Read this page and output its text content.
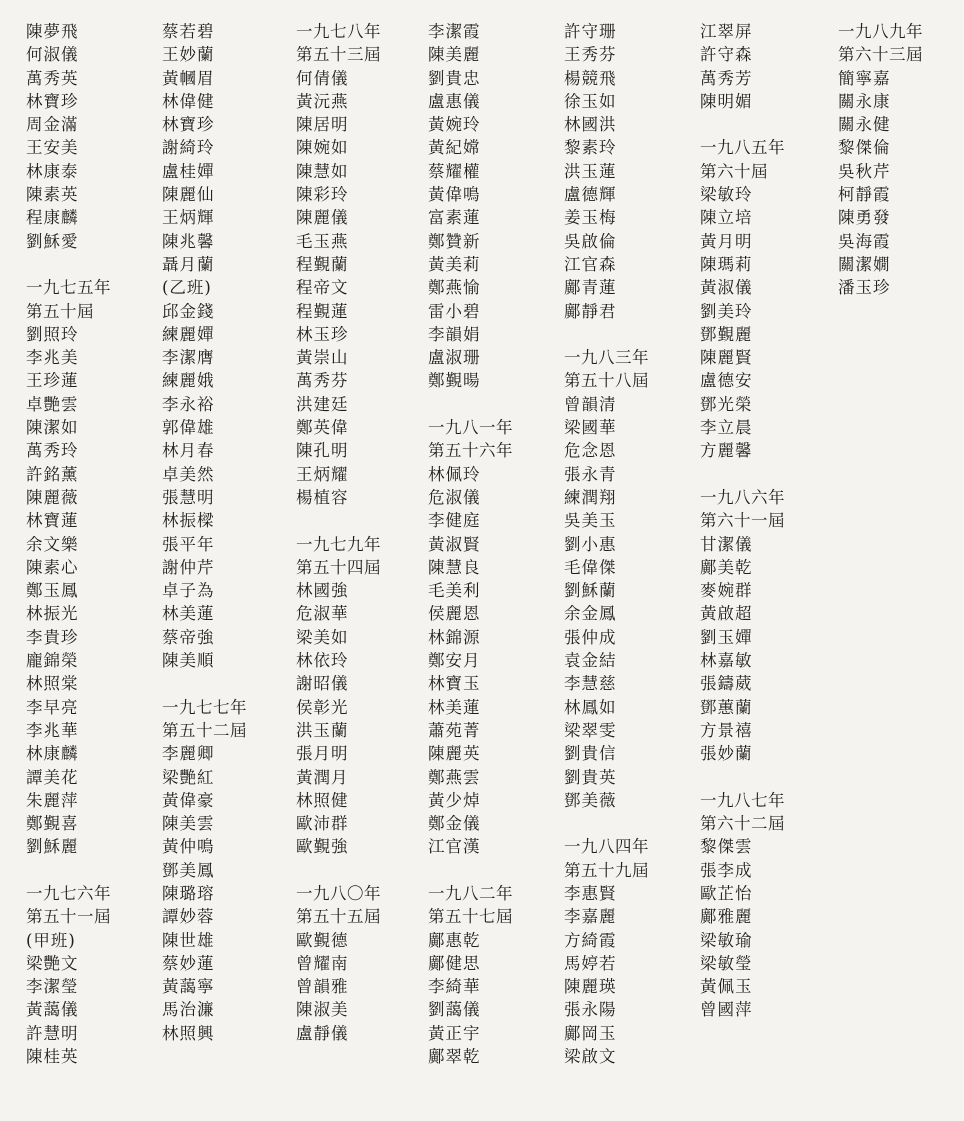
陳夢飛
何淑儀
萬秀英
林寶珍
周金滿
王安美
林康泰
陳素英
程康麟
劉穌愛
一九七五年
第五十屆
劉照玲
李兆美
王珍蓮
卓艷雲
陳潔如
萬秀玲
許銘薰
陳麗薇
林寶蓮
余文樂
陳素心
鄭玉鳳
林振光
李貴珍
龐錦榮
林照棠
李早亮
李兆華
林康麟
譚美花
朱麗萍
鄭覲喜
劉穌麗
一九七六年
第五十一屆
(甲班)
梁艷文
李潔瑩
黃藹儀
許慧明
陳桂英
蔡若碧
王妙蘭
黃幗眉
林偉健
林寶珍
謝綺玲
盧桂嬋
陳麗仙
王炳輝
陳兆馨
聶月蘭
(乙班)
邱金錢
練麗嬋
李潔膺
練麗娥
李永裕
郭偉雄
林月春
卓美然
張慧明
林振樑
張平年
謝仲芹
卓子為
林美蓮
蔡帝強
陳美順
一九七七年
第五十二屆
李麗卿
梁艷紅
黃偉豪
陳美雲
黃仲鳴
鄧美鳳
陳璐瑢
譚妙蓉
陳世雄
蔡妙蓮
黃藹寧
馬治濂
林照興
一九七八年
第五十三屆
何倩儀
黃沅燕
陳居明
陳婉如
陳慧如
陳彩玲
陳麗儀
毛玉燕
程覲蘭
程帝文
程覲蓮
林玉珍
黃崇山
萬秀芬
洪建廷
鄭英偉
陳孔明
王炳耀
楊植容
一九七九年
第五十四屆
林國強
危淑華
梁美如
林依玲
謝昭儀
侯彰光
洪玉蘭
張月明
黃潤月
林照健
歐沛群
歐覲強
一九八〇年
第五十五屆
歐覲德
曾耀南
曾韻雅
陳淑美
盧靜儀
李潔霞
陳美麗
劉貴忠
盧惠儀
黃婉玲
黃紀嫦
蔡耀權
黃偉鳴
富素蓮
鄭贊新
黃美莉
鄭燕愉
雷小碧
李韻娟
盧淑珊
鄭覲暘
一九八一年
第五十六年
林佩玲
危淑儀
李健庭
黃淑賢
陳慧良
毛美利
侯麗恩
林錦源
鄭安月
林寶玉
林美蓮
蕭苑菁
陳麗英
鄭燕雲
黃少焯
鄭金儀
江官漢
一九八二年
第五十七屆
鄺惠乾
鄺健思
李綺華
劉藹儀
黃正宇
鄺翠乾
許守珊
王秀芬
楊競飛
徐玉如
林國洪
黎素玲
洪玉蓮
盧德輝
姜玉梅
吳啟倫
江官森
鄺青蓮
鄺靜君
一九八三年
第五十八屆
曾韻清
梁國華
危念恩
張永青
練潤翔
吳美玉
劉小惠
毛偉傑
劉穌蘭
余金鳳
張仲成
袁金結
李慧慈
林鳳如
梁翠雯
劉貴信
劉貴英
鄧美薇
一九八四年
第五十九屆
李惠賢
李嘉麗
方綺霞
馬婷若
陳麗瑛
張永陽
鄺岡玉
梁啟文
江翠屏
許守森
萬秀芳
陳明媚
一九八五年
第六十屆
梁敏玲
陳立培
黃月明
陳瑪莉
黃淑儀
劉美玲
鄧覲麗
陳麗賢
盧德安
鄧光榮
李立晨
方麗馨
一九八六年
第六十一屆
甘潔儀
鄺美乾
麥婉群
黃啟超
劉玉嬋
林嘉敏
張鑄葳
鄧蕙蘭
方景禧
張妙蘭
一九八七年
第六十二屆
黎傑雲
張李成
歐芷怡
鄺雅麗
梁敏瑜
梁敏瑩
黃佩玉
曾國萍
一九八九年
第六十三屆
簡寧嘉
關永康
關永健
黎傑倫
吳秋芹
柯靜霞
陳勇發
吳海霞
關潔嫺
潘玉珍
